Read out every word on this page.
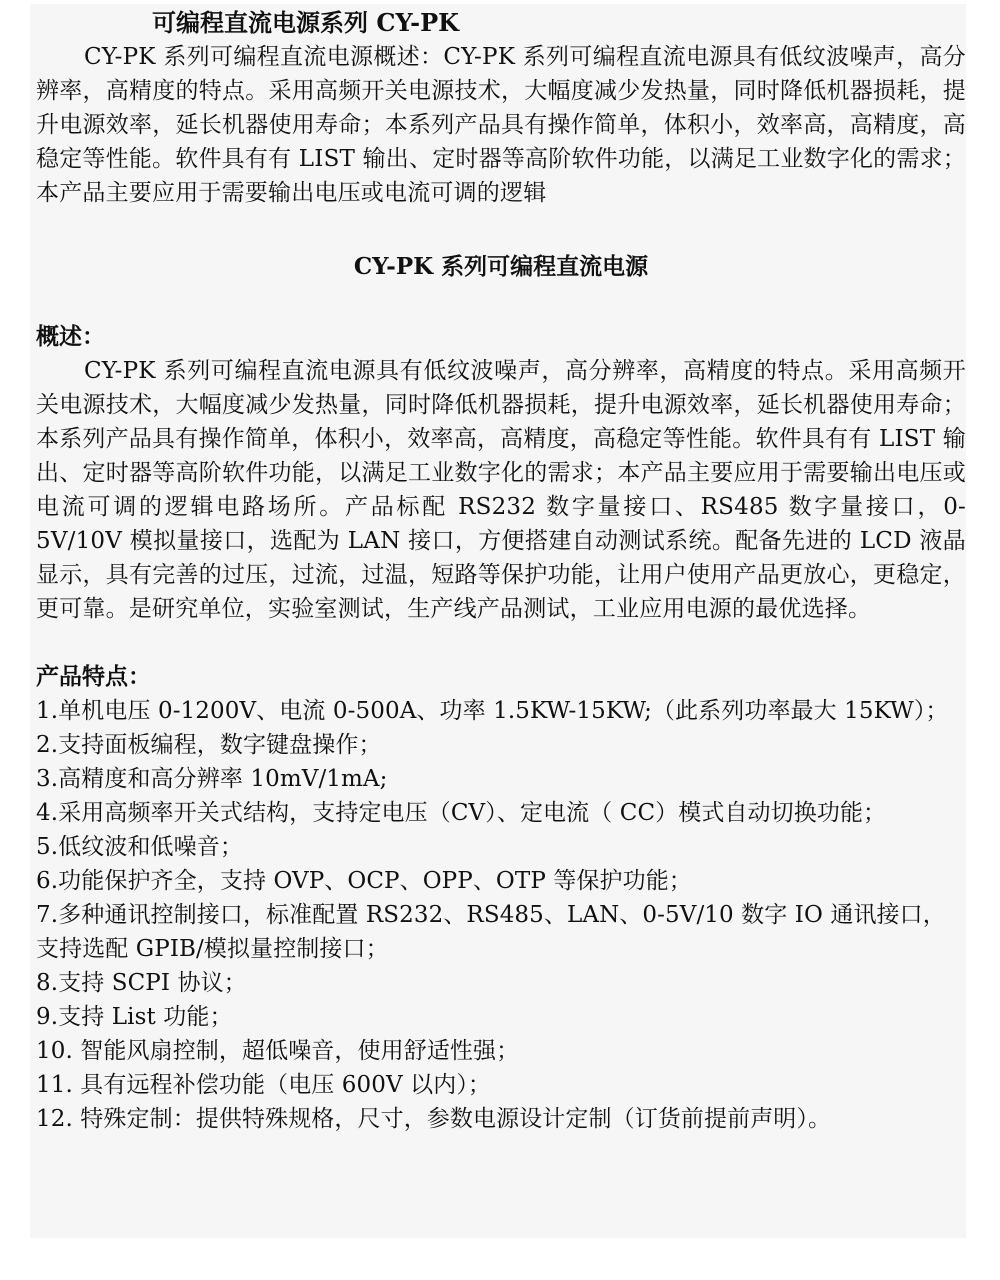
可编程直流电源系列 CY-PK

CY-PK 系列可编程直流电源概述：CY-PK 系列可编程直流电源具有低纹波噪声，高分辨率，高精度的特点。采用高频开关电源技术，大幅度减少发热量，同时降低机器损耗，提升电源效率，延长机器使用寿命；本系列产品具有操作简单，体积小，效率高，高精度，高稳定等性能。软件具有有 LIST 输出、定时器等高阶软件功能，以满足工业数字化的需求；本产品主要应用于需要输出电压或电流可调的逻辑

CY-PK 系列可编程直流电源
概述：

CY-PK 系列可编程直流电源具有低纹波噪声，高分辨率，高精度的特点。采用高频开关电源技术，大幅度减少发热量，同时降低机器损耗，提升电源效率，延长机器使用寿命；本系列产品具有操作简单，体积小，效率高，高精度，高稳定等性能。软件具有有 LIST 输出、定时器等高阶软件功能，以满足工业数字化的需求；本产品主要应用于需要输出电压或电流可调的逻辑电路场所。产品标配 RS232 数字量接口、RS485 数字量接口，0-5V/10V 模拟量接口，选配为 LAN 接口，方便搭建自动测试系统。配备先进的 LCD 液晶显示，具有完善的过压，过流，过温，短路等保护功能，让用户使用产品更放心，更稳定，更可靠。是研究单位，实验室测试，生产线产品测试，工业应用电源的最优选择。

产品特点：
1.单机电压 0-1200V、电流 0-500A、功率 1.5KW-15KW;（此系列功率最大 15KW）；
2.支持面板编程，数字键盘操作；
3.高精度和高分辨率 10mV/1mA;
4.采用高频率开关式结构，支持定电压（CV）、定电流（ CC）模式自动切换功能；
5.低纹波和低噪音；
6.功能保护齐全，支持 OVP、OCP、OPP、OTP 等保护功能；
7.多种通讯控制接口，标准配置 RS232、RS485、LAN、0-5V/10 数字 IO 通讯接口，支持选配 GPIB/模拟量控制接口；
8.支持 SCPI 协议；
9.支持 List 功能；
10. 智能风扇控制，超低噪音，使用舒适性强；
11. 具有远程补偿功能（电压 600V 以内）；
12. 特殊定制：提供特殊规格，尺寸，参数电源设计定制（订货前提前声明）。
